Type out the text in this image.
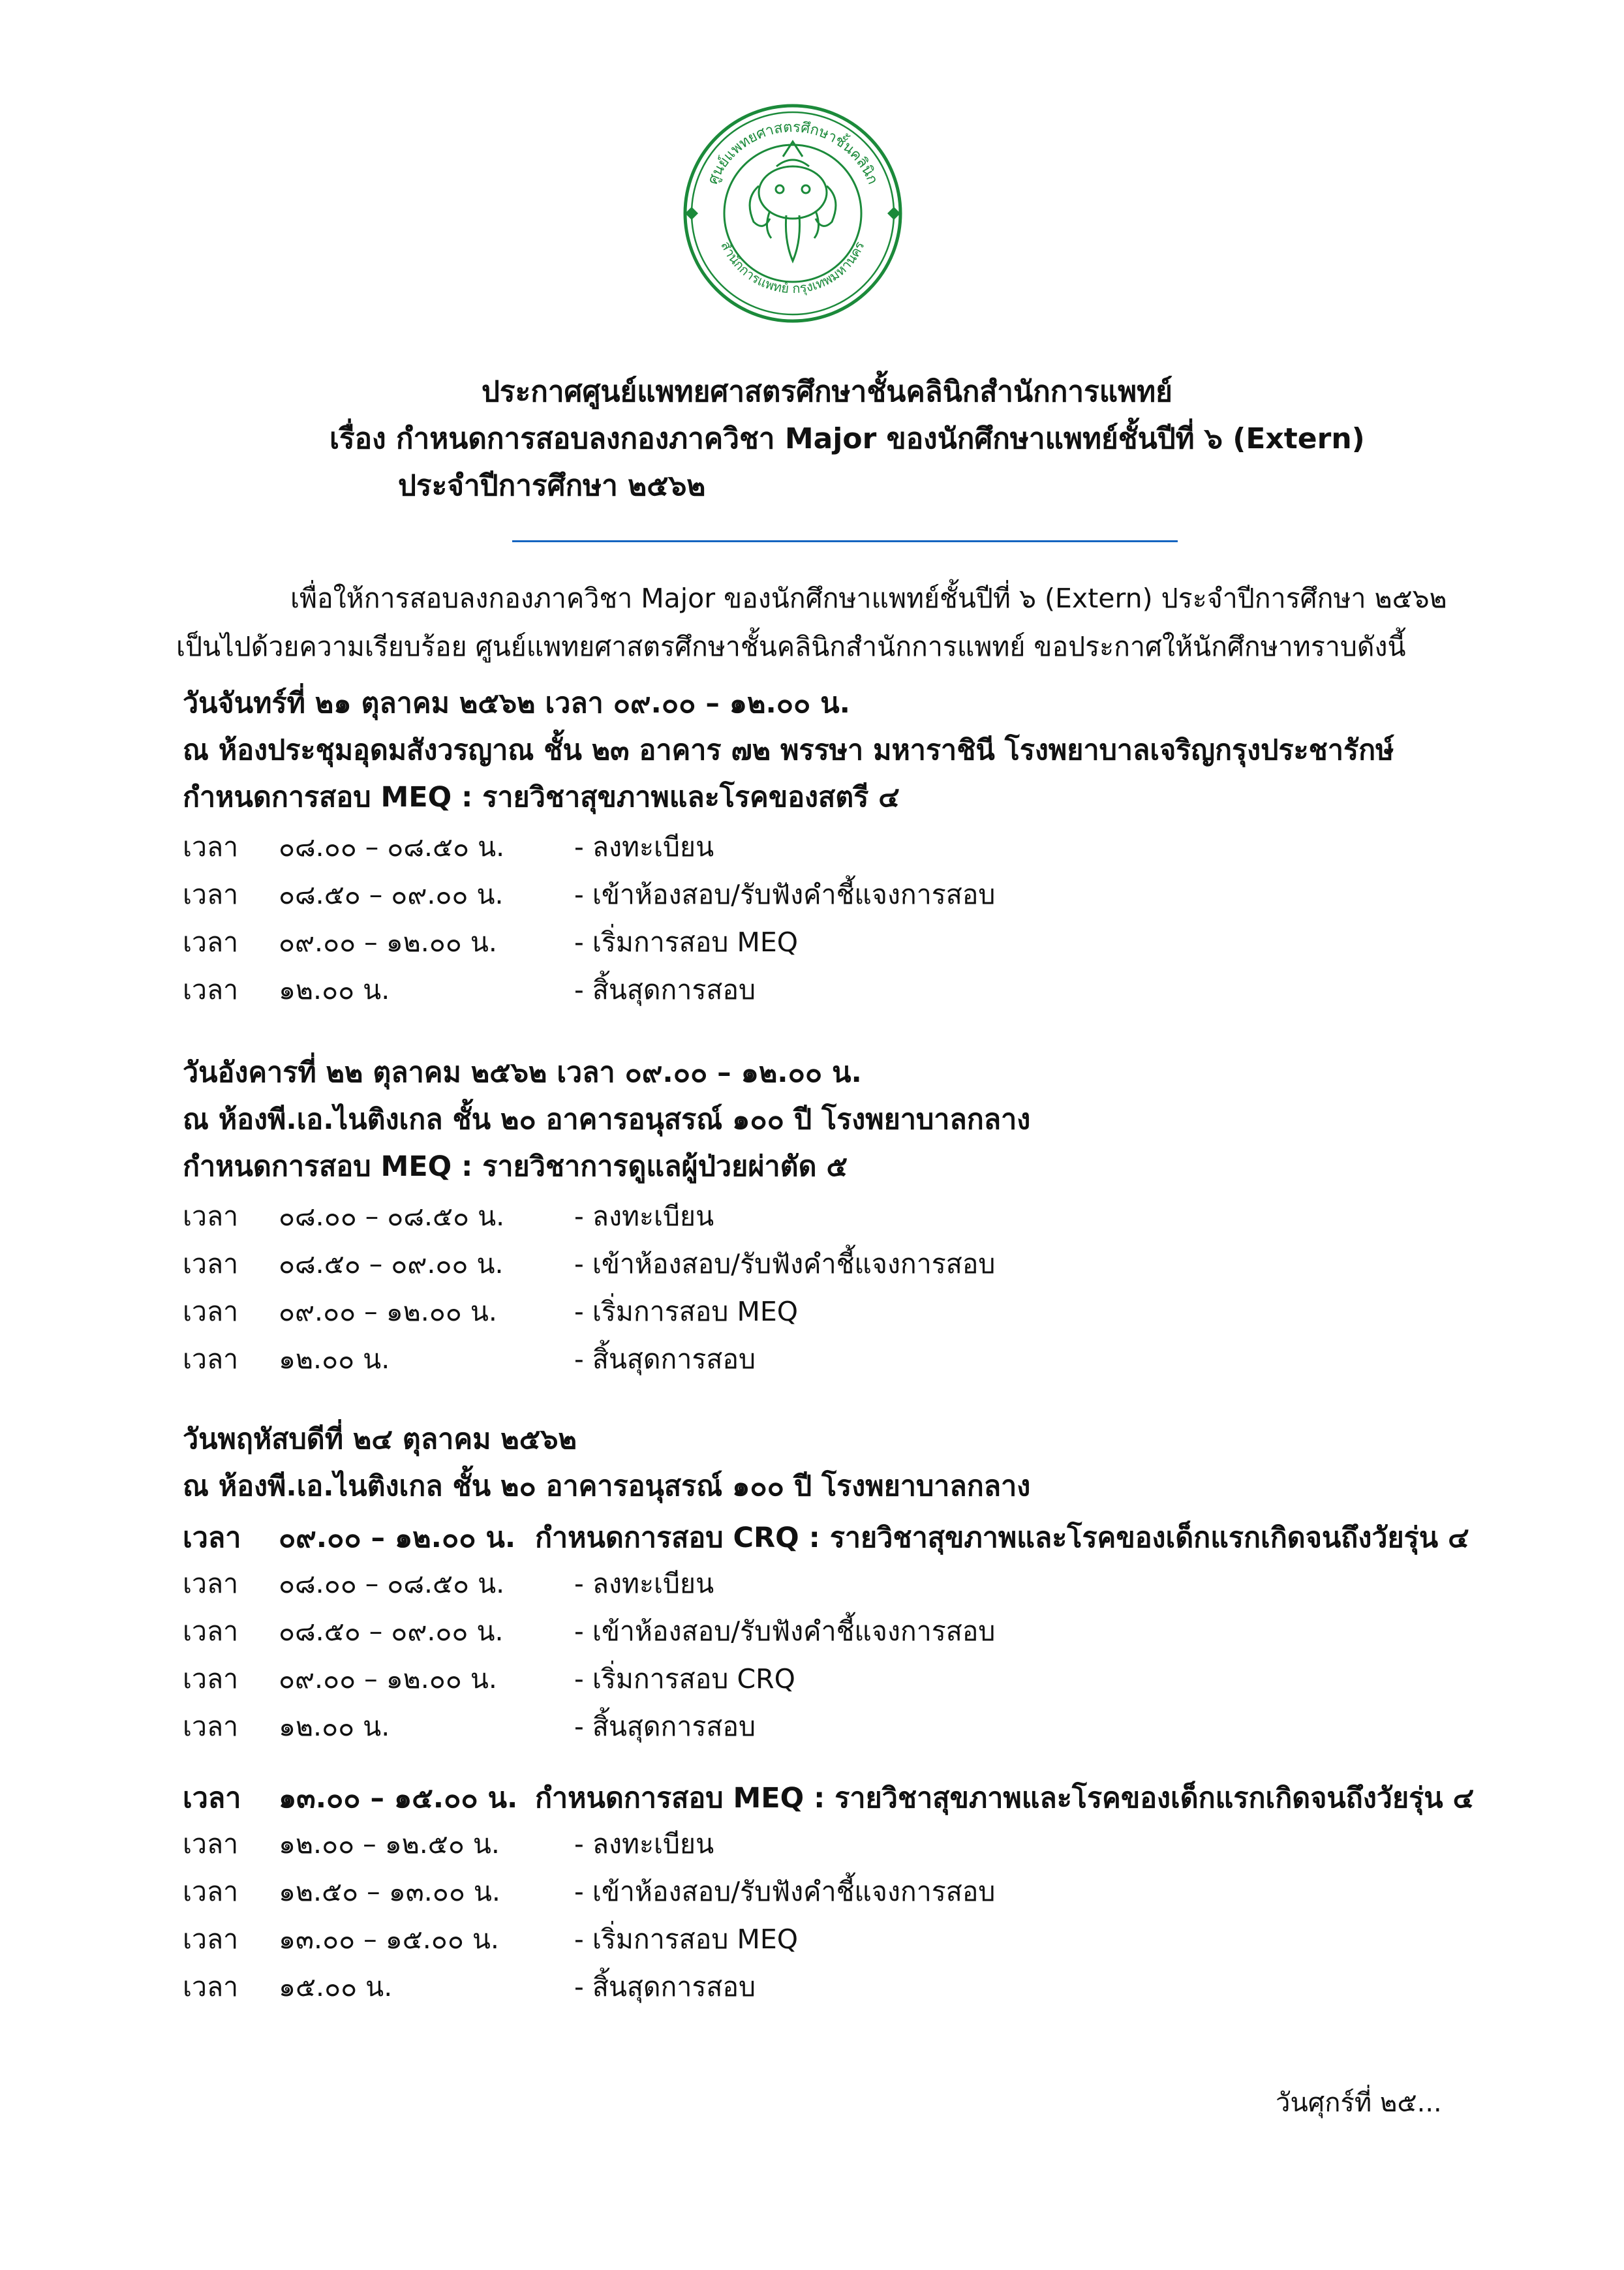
ศูนย์แพทยศาสตรศึกษาชั้นคลินิก
สำนักการแพทย์ กรุงเทพมหานคร
ประกาศศูนย์แพทยศาสตรศึกษาชั้นคลินิกสำนักการแพทย์
เรื่อง กำหนดการสอบลงกองภาควิชา Major ของนักศึกษาแพทย์ชั้นปีที่ ๖ (Extern)
ประจำปีการศึกษา ๒๕๖๒

เพื่อให้การสอบลงกองภาควิชา Major ของนักศึกษาแพทย์ชั้นปีที่ ๖ (Extern) ประจำปีการศึกษา ๒๕๖๒

เป็นไปด้วยความเรียบร้อย ศูนย์แพทยศาสตรศึกษาชั้นคลินิกสำนักการแพทย์ ขอประกาศให้นักศึกษาทราบดังนี้

วันจันทร์ที่ ๒๑ ตุลาคม ๒๕๖๒ เวลา ๐๙.๐๐ – ๑๒.๐๐ น.

ณ ห้องประชุมอุดมสังวรญาณ ชั้น ๒๓ อาคาร ๗๒ พรรษา มหาราชินี โรงพยาบาลเจริญกรุงประชารักษ์

กำหนดการสอบ MEQ : รายวิชาสุขภาพและโรคของสตรี ๔

เวลา ๐๘.๐๐ – ๐๘.๕๐ น.	- ลงทะเบียน
เวลา ๐๘.๕๐ – ๐๙.๐๐ น.	- เข้าห้องสอบ/รับฟังคำชี้แจงการสอบ
เวลา ๐๙.๐๐ – ๑๒.๐๐ น.	- เริ่มการสอบ MEQ
เวลา ๑๒.๐๐ น.	- สิ้นสุดการสอบ

วันอังคารที่ ๒๒ ตุลาคม ๒๕๖๒ เวลา ๐๙.๐๐ – ๑๒.๐๐ น.

ณ ห้องพี.เอ.ไนติงเกล ชั้น ๒๐ อาคารอนุสรณ์ ๑๐๐ ปี โรงพยาบาลกลาง

กำหนดการสอบ MEQ : รายวิชาการดูแลผู้ป่วยผ่าตัด ๕

เวลา ๐๘.๐๐ – ๐๘.๕๐ น.	- ลงทะเบียน
เวลา ๐๘.๕๐ – ๐๙.๐๐ น.	- เข้าห้องสอบ/รับฟังคำชี้แจงการสอบ
เวลา ๐๙.๐๐ – ๑๒.๐๐ น.	- เริ่มการสอบ MEQ
เวลา ๑๒.๐๐ น.	- สิ้นสุดการสอบ

วันพฤหัสบดีที่ ๒๔ ตุลาคม ๒๕๖๒

ณ ห้องพี.เอ.ไนติงเกล ชั้น ๒๐ อาคารอนุสรณ์ ๑๐๐ ปี โรงพยาบาลกลาง

เวลา ๐๙.๐๐ – ๑๒.๐๐ น. กำหนดการสอบ CRQ : รายวิชาสุขภาพและโรคของเด็กแรกเกิดจนถึงวัยรุ่น ๔
เวลา ๐๘.๐๐ – ๐๘.๕๐ น.	- ลงทะเบียน
เวลา ๐๘.๕๐ – ๐๙.๐๐ น.	- เข้าห้องสอบ/รับฟังคำชี้แจงการสอบ
เวลา ๐๙.๐๐ – ๑๒.๐๐ น.	- เริ่มการสอบ CRQ
เวลา ๑๒.๐๐ น.	- สิ้นสุดการสอบ
เวลา ๑๓.๐๐ – ๑๕.๐๐ น. กำหนดการสอบ MEQ : รายวิชาสุขภาพและโรคของเด็กแรกเกิดจนถึงวัยรุ่น ๔
เวลา ๑๒.๐๐ – ๑๒.๕๐ น.	- ลงทะเบียน
เวลา ๑๒.๕๐ – ๑๓.๐๐ น.	- เข้าห้องสอบ/รับฟังคำชี้แจงการสอบ
เวลา ๑๓.๐๐ – ๑๕.๐๐ น.	- เริ่มการสอบ MEQ
เวลา ๑๕.๐๐ น.	- สิ้นสุดการสอบ
วันศุกร์ที่ ๒๕...
